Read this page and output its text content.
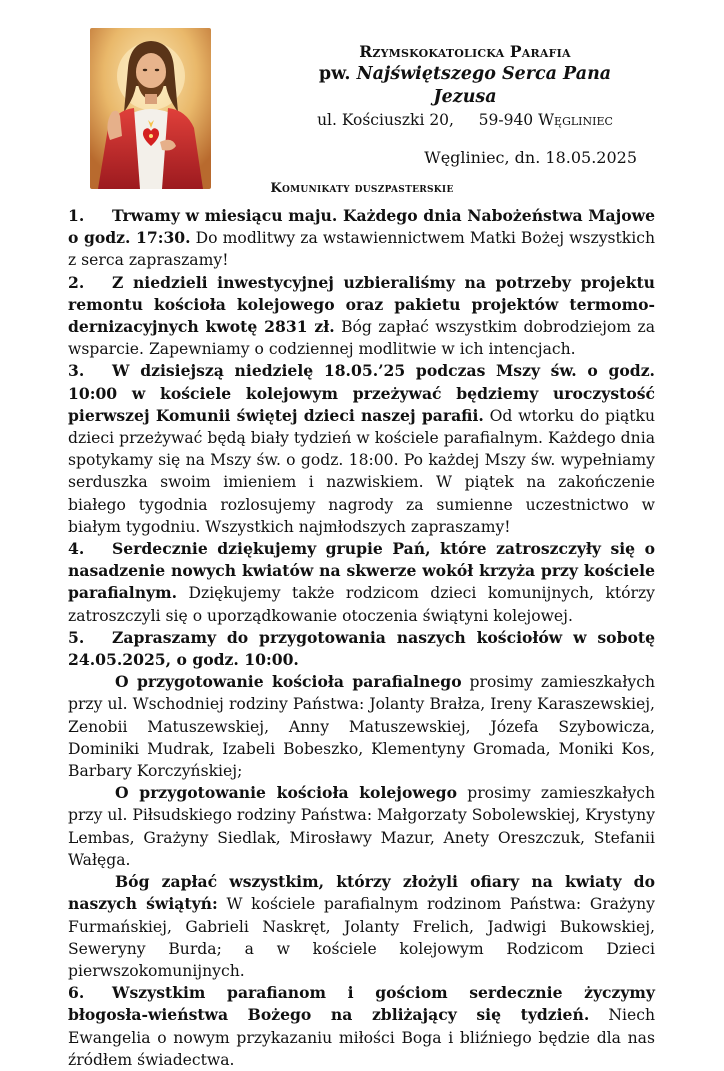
Rzymskokatolicka Parafia
pw. Najświętszego Serca Pana Jezusa
ul. Kościuszki 20, 59-940 Węgliniec
Węgliniec, dn. 18.05.2025
Komunikaty duszpasterskie

1. Trwamy w miesiącu maju. Każdego dnia Nabożeństwa Majowe o godz. 17:30. Do modlitwy za wstawiennictwem Matki Bożej wszystkich z serca zapraszamy!

2. Z niedzieli inwestycyjnej uzbieraliśmy na potrzeby projektu remontu kościoła kolejowego oraz pakietu projektów termomo-dernizacyjnych kwotę 2831 zł. Bóg zapłać wszystkim dobrodziejom za wsparcie. Zapewniamy o codziennej modlitwie w ich intencjach.

3. W dzisiejszą niedzielę 18.05.’25 podczas Mszy św. o godz. 10:00 w kościele kolejowym przeżywać będziemy uroczystość pierwszej Komunii świętej dzieci naszej parafii. Od wtorku do piątku dzieci przeżywać będą biały tydzień w kościele parafialnym. Każdego dnia spotykamy się na Mszy św. o godz. 18:00. Po każdej Mszy św. wypełniamy serduszka swoim imieniem i nazwiskiem. W piątek na zakończenie białego tygodnia rozlosujemy nagrody za sumienne uczestnictwo w białym tygodniu. Wszystkich najmłodszych zapraszamy!

4. Serdecznie dziękujemy grupie Pań, które zatroszczyły się o nasadzenie nowych kwiatów na skwerze wokół krzyża przy kościele parafialnym. Dziękujemy także rodzicom dzieci komunijnych, którzy zatroszczyli się o uporządkowanie otoczenia świątyni kolejowej.

5. Zapraszamy do przygotowania naszych kościołów w sobotę 24.05.2025, o godz. 10:00.

O przygotowanie kościoła parafialnego prosimy zamieszkałych przy ul. Wschodniej rodziny Państwa: Jolanty Brałza, Ireny Karaszewskiej, Zenobii Matuszewskiej, Anny Matuszewskiej, Józefa Szybowicza, Dominiki Mudrak, Izabeli Bobeszko, Klementyny Gromada, Moniki Kos, Barbary Korczyńskiej;

O przygotowanie kościoła kolejowego prosimy zamieszkałych przy ul. Piłsudskiego rodziny Państwa: Małgorzaty Sobolewskiej, Krystyny Lembas, Grażyny Siedlak, Mirosławy Mazur, Anety Oreszczuk, Stefanii Wałęga.

Bóg zapłać wszystkim, którzy złożyli ofiary na kwiaty do naszych świątyń: W kościele parafialnym rodzinom Państwa: Grażyny Furmańskiej, Gabrieli Naskręt, Jolanty Frelich, Jadwigi Bukowskiej, Seweryny Burda; a w kościele kolejowym Rodzicom Dzieci pierwszokomunijnych.

6. Wszystkim parafianom i gościom serdecznie życzymy błogosła-wieństwa Bożego na zbliżający się tydzień. Niech Ewangelia o nowym przykazaniu miłości Boga i bliźniego będzie dla nas źródłem świadectwa.
